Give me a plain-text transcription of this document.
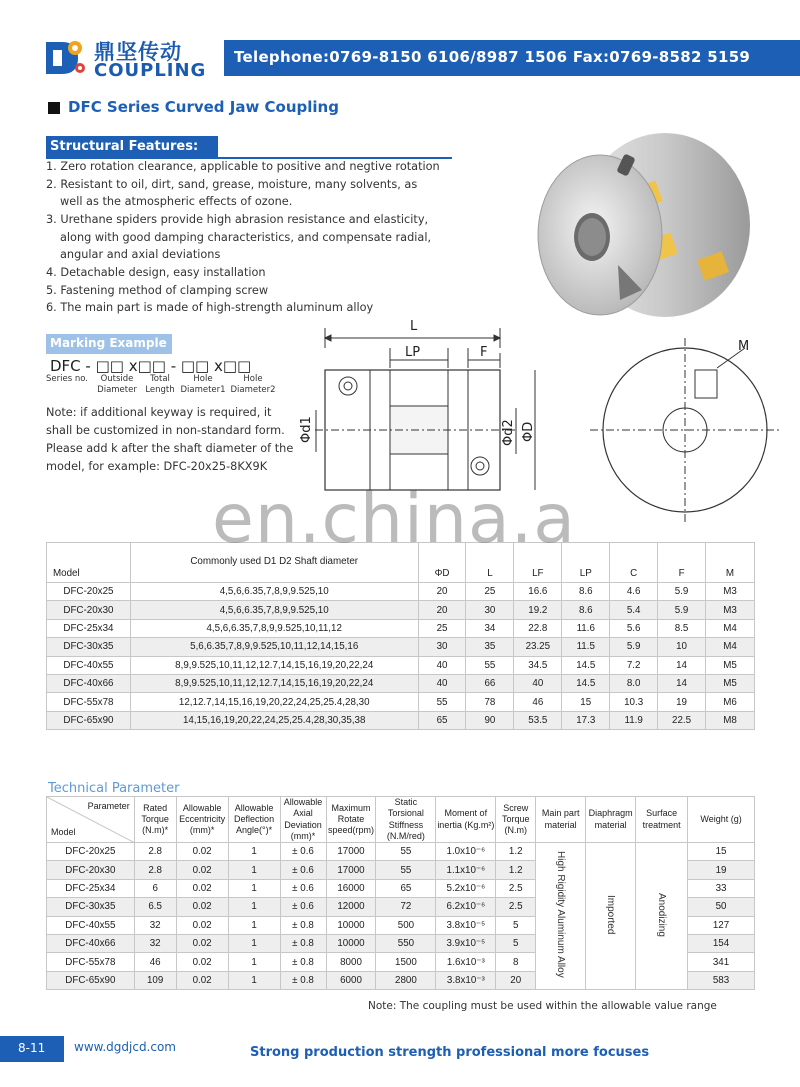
鼎坚传动
COUPLING
Telephone:0769-8150 6106/8987 1506 Fax:0769-8582 5159
DFC Series Curved Jaw Coupling
Structural Features:
1. Zero rotation clearance, applicable to positive and negtive rotation
2. Resistant to oil, dirt, sand, grease, moisture, many solvents, as
well as the atmospheric effects of ozone.
3. Urethane spiders provide high abrasion resistance and elasticity,
along with good damping characteristics, and compensate radial,
angular and axial deviations
4. Detachable design, easy installation
5. Fastening method of clamping screw
6. The main part is made of high-strength aluminum alloy
Marking Example
DFC - □□ x□□ - □□ x□□
Series no.	Outside Diameter
Total Length
Hole Diameter1
Hole Diameter2
Note: if additional keyway is required, it
shall be customized in non-standard form.
Please add k after the shaft diameter of the
model, for example: DFC-20x25-8KX9K
L
LP	F
Φd1	Φd2 ΦD
M
Model	Commonly used D1 D2 Shaft diameter	ΦD	L	LF	LP	C	F	M
DFC-20x25	4,5,6,6.35,7,8,9,9.525,10	20	25	16.6	8.6	4.6	5.9	M3
DFC-20x30	4,5,6,6.35,7,8,9,9.525,10	20	30	19.2	8.6	5.4	5.9	M3
DFC-25x34	4,5,6,6.35,7,8,9,9.525,10,11,12	25	34	22.8	11.6	5.6	8.5	M4
DFC-30x35	5,6,6.35,7,8,9,9.525,10,11,12,14,15,16	30	35	23.25	11.5	5.9	10	M4
DFC-40x55	8,9,9.525,10,11,12,12.7,14,15,16,19,20,22,24	40	55	34.5	14.5	7.2	14	M5
DFC-40x66	8,9,9.525,10,11,12,12.7,14,15,16,19,20,22,24	40	66	40	14.5	8.0	14	M5
DFC-55x78	12,12.7,14,15,16,19,20,22,24,25,25.4,28,30	55	78	46	15	10.3	19	M6
DFC-65x90	14,15,16,19,20,22,24,25,25.4,28,30,35,38	65	90	53.5	17.3	11.9	22.5	M8
en.china.a
Technical Parameter
Parameter
Model	Rated Torque (N.m)*	Allowable Eccentricity (mm)*	Allowable Deflection Angle(°)*	Allowable Axial Deviation (mm)*	Maximum Rotate speed(rpm)	Static Torsional Stiffness (N.M/red)	Moment of inertia (Kg.m²)	Screw Torque (N.m)	Main part material	Diaphragm material	Surface treatment	Weight (g)
DFC-20x25	2.8	0.02	1	± 0.6	17000	55	1.0x10⁻⁶	1.2	High Rigidity Aluminum Alloy	Imported	Anodizing	15
DFC-20x30	2.8	0.02	1	± 0.6	17000	55	1.1x10⁻⁶	1.2				19
DFC-25x34	6	0.02	1	± 0.6	16000	65	5.2x10⁻⁶	2.5				33
DFC-30x35	6.5	0.02	1	± 0.6	12000	72	6.2x10⁻⁶	2.5				50
DFC-40x55	32	0.02	1	± 0.8	10000	500	3.8x10⁻⁵	5				127
DFC-40x66	32	0.02	1	± 0.8	10000	550	3.9x10⁻⁵	5				154
DFC-55x78	46	0.02	1	± 0.8	8000	1500	1.6x10⁻³	8				341
DFC-65x90	109	0.02	1	± 0.8	6000	2800	3.8x10⁻³	20				583
Note: The coupling must be used within the allowable value range
8-11	www.dgdjcd.com	Strong production strength professional more focuses
